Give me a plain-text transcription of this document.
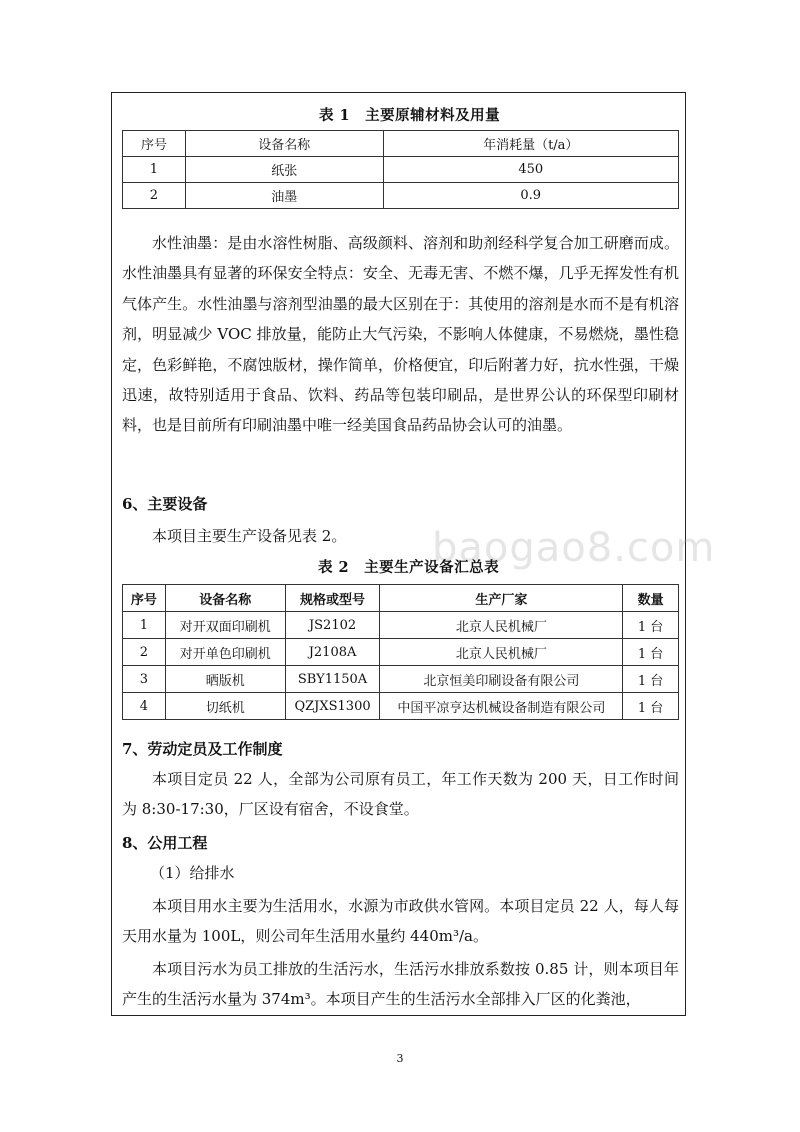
表 1　主要原辅材料及用量
序号	设备名称	年消耗量（t/a）
1	纸张	450
2	油墨	0.9
水性油墨：是由水溶性树脂、高级颜料、溶剂和助剂经科学复合加工研磨而成。水性油墨具有显著的环保安全特点：安全、无毒无害、不燃不爆，几乎无挥发性有机气体产生。水性油墨与溶剂型油墨的最大区别在于：其使用的溶剂是水而不是有机溶剂，明显减少 VOC 排放量，能防止大气污染，不影响人体健康，不易燃烧，墨性稳定，色彩鲜艳，不腐蚀版材，操作简单，价格便宜，印后附著力好，抗水性强，干燥迅速，故特别适用于食品、饮料、药品等包装印刷品，是世界公认的环保型印刷材料，也是目前所有印刷油墨中唯一经美国食品药品协会认可的油墨。
6、主要设备
本项目主要生产设备见表 2。 baogao8.com
表 2　主要生产设备汇总表
序号	设备名称	规格或型号	生产厂家	数量
1	对开双面印刷机	JS2102	北京人民机械厂	1 台
2	对开单色印刷机	J2108A	北京人民机械厂	1 台
3	晒版机	SBY1150A	北京恒美印刷设备有限公司	1 台
4	切纸机	QZJXS1300	中国平凉亨达机械设备制造有限公司	1 台
7、劳动定员及工作制度
本项目定员 22 人，全部为公司原有员工，年工作天数为 200 天，日工作时间为 8:30-17:30，厂区设有宿舍，不设食堂。
8、公用工程
（1）给排水
本项目用水主要为生活用水，水源为市政供水管网。本项目定员 22 人，每人每天用水量为 100L，则公司年生活用水量约 440m³/a。
本项目污水为员工排放的生活污水，生活污水排放系数按 0.85 计，则本项目年产生的生活污水量为 374m³。本项目产生的生活污水全部排入厂区的化粪池，
3
